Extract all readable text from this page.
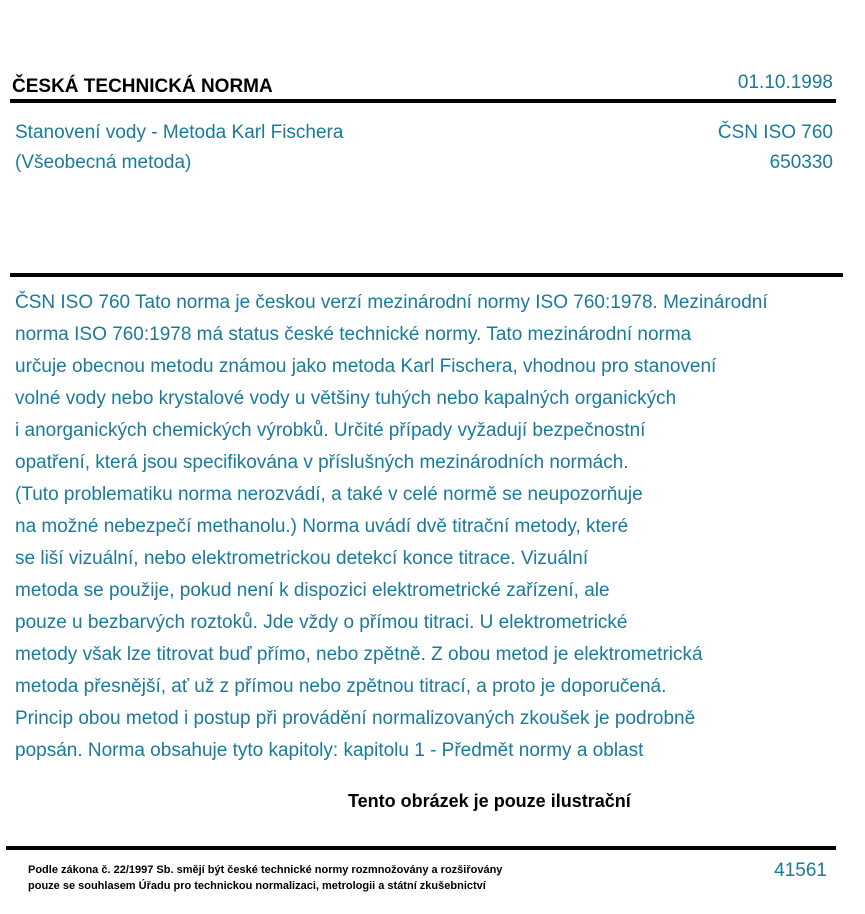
ČESKÁ TECHNICKÁ NORMA	01.10.1998
Stanovení vody - Metoda Karl Fischera
(Všeobecná metoda)
ČSN ISO 760
650330
ČSN ISO 760 Tato norma je českou verzí mezinárodní normy ISO 760:1978. Mezinárodní
norma ISO 760:1978 má status české technické normy. Tato mezinárodní norma
určuje obecnou metodu známou jako metoda Karl Fischera, vhodnou pro stanovení
volné vody nebo krystalové vody u většiny tuhých nebo kapalných organických
i anorganických chemických výrobků. Určité případy vyžadují bezpečnostní
opatření, která jsou specifikována v příslušných mezinárodních normách.
(Tuto problematiku norma nerozvádí, a také v celé normě se neupozorňuje
na možné nebezpečí methanolu.) Norma uvádí dvě titrační metody, které
se liší vizuální, nebo elektrometrickou detekcí konce titrace. Vizuální
metoda se použije, pokud není k dispozici elektrometrické zařízení, ale
pouze u bezbarvých roztoků. Jde vždy o přímou titraci. U elektrometrické
metody však lze titrovat buď přímo, nebo zpětně. Z obou metod je elektrometrická
metoda přesnější, ať už z přímou nebo zpětnou titrací, a proto je doporučená.
Princip obou metod i postup při provádění normalizovaných zkoušek je podrobně
popsán. Norma obsahuje tyto kapitoly: kapitolu 1 - Předmět normy a oblast
Tento obrázek je pouze ilustrační
Podle zákona č. 22/1997 Sb. smějí být české technické normy rozmnožovány a rozšiřovány
pouze se souhlasem Úřadu pro technickou normalizaci, metrologii a státní zkušebnictví
41561
